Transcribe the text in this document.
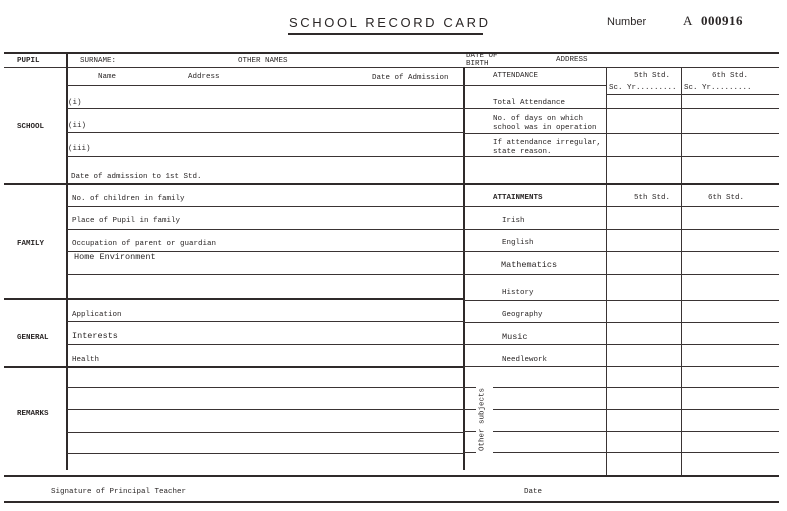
SCHOOL RECORD CARD	Number	A 000916
PUPIL	SURNAME:	OTHER NAMES
DATE OF BIRTH	ADDRESS
SCHOOL
Name	Address	Date of Admission
(i)
(ii)
(iii)
Date of admission to 1st Std.
ATTENDANCE	5th Std.	6th Std.
Sc. Yr......... Sc. Yr.........
Total Attendance
No. of days on which school was in operation
If attendance irregular, state reason.
FAMILY
No. of children in family
Place of Pupil in family
Occupation of parent or guardian
Home Environment
ATTAINMENTS	5th Std.	6th Std.
Irish
English
Mathematics
History
Geography
Music
Needlework
Other subjects
GENERAL
Application
Interests
Health
REMARKS
Signature of Principal Teacher	Date
